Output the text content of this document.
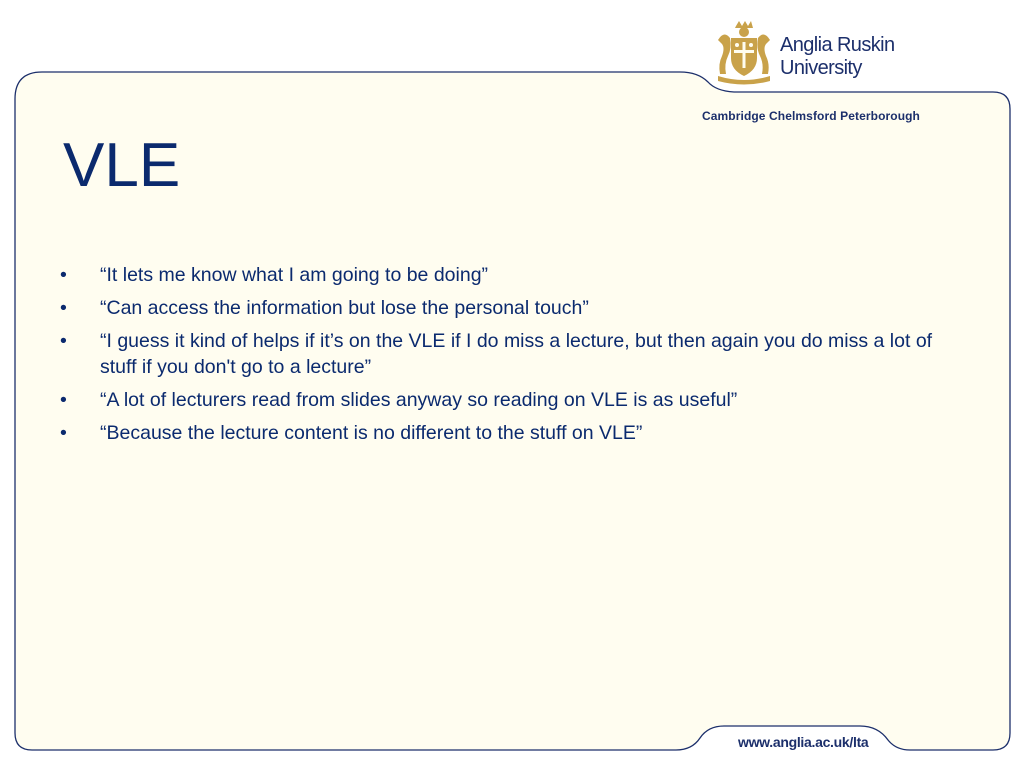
Anglia Ruskin
University
Cambridge Chelmsford Peterborough
VLE
• “It lets me know what I am going to be doing”
• “Can access the information but lose the personal touch”
• “I guess it kind of helps if it’s on the VLE if I do miss a lecture, but then again you do miss a lot of stuff if you don't go to a lecture”
• “A lot of lecturers read from slides anyway so reading on VLE is as useful”
• “Because the lecture content is no different to the stuff on VLE”
www.anglia.ac.uk/lta
